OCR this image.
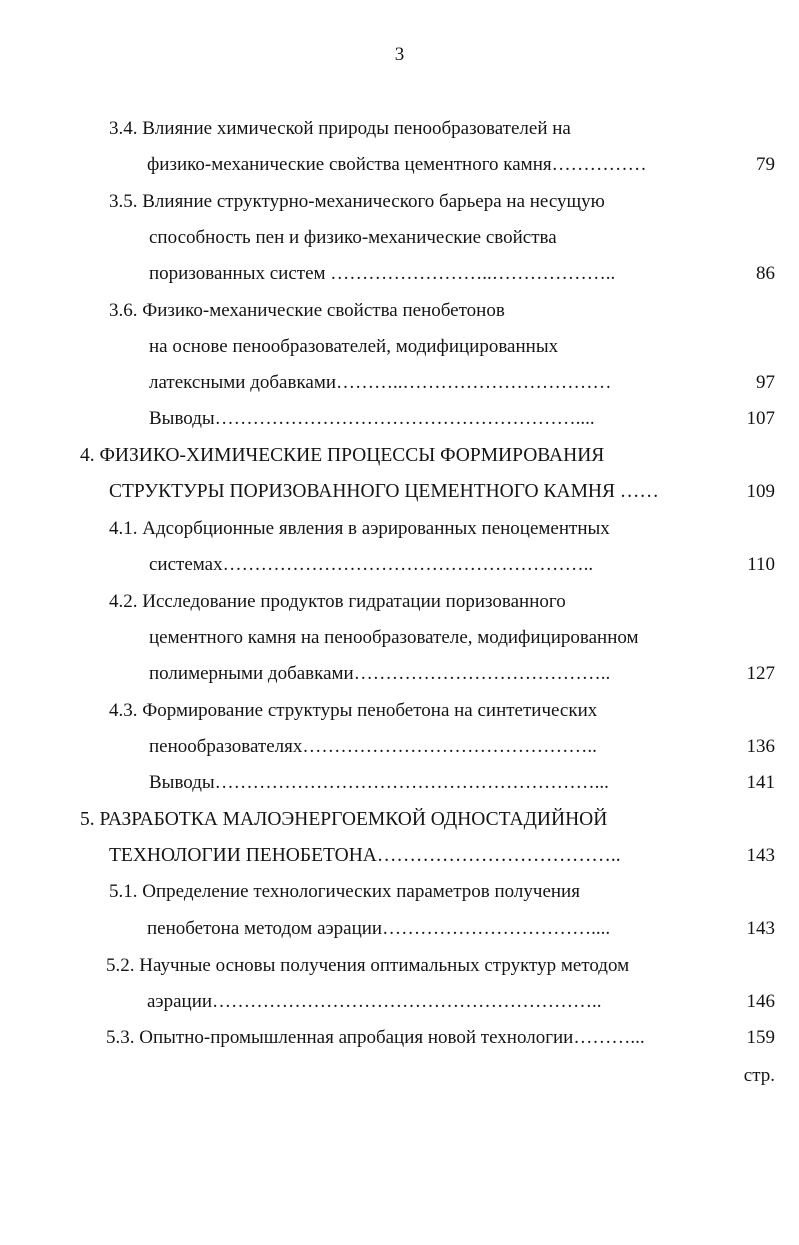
3
3.4. Влияние химической природы пенообразователей на
физико-механические свойства цементного камня……………	79
3.5. Влияние структурно-механического барьера на несущую
способность пен и физико-механические свойства
поризованных систем ……………………..………………..	86
3.6. Физико-механические свойства пенобетонов
на основе пенообразователей, модифицированных
латексными добавками………..……………………………	97
Выводы…………………………………………………....	107
4. ФИЗИКО-ХИМИЧЕСКИЕ ПРОЦЕССЫ ФОРМИРОВАНИЯ
СТРУКТУРЫ ПОРИЗОВАННОГО ЦЕМЕНТНОГО КАМНЯ ……	109
4.1. Адсорбционные явления в аэрированных пеноцементных
системах…………………………………………………..	110
4.2. Исследование продуктов гидратации поризованного
цементного камня на пенообразователе, модифицированном
полимерными добавками…………………………………..	127
4.3. Формирование структуры пенобетона на синтетических
пенообразователях………………………………………..	136
Выводы……………………………………………………...	141
5. РАЗРАБОТКА МАЛОЭНЕРГОЕМКОЙ ОДНОСТАДИЙНОЙ
ТЕХНОЛОГИИ ПЕНОБЕТОНА………………………………..	143
5.1. Определение технологических параметров получения
пенобетона методом аэрации……………………………....	143
5.2. Научные основы получения оптимальных структур методом
аэрации……………………………………………………..	146
5.3. Опытно-промышленная апробация новой технологии………...	159
стр.
